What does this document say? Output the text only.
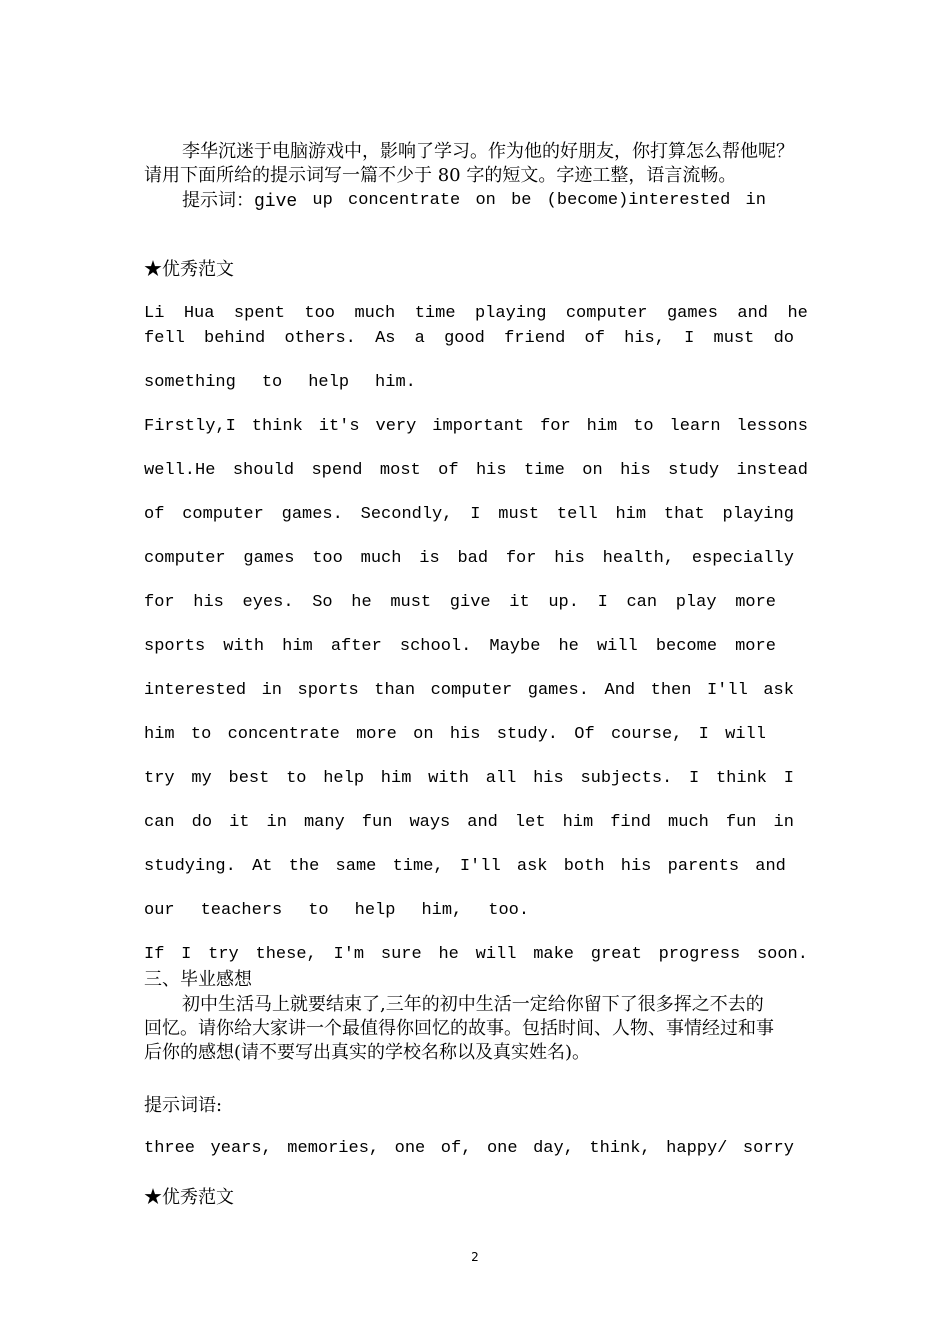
李华沉迷于电脑游戏中，影响了学习。作为他的好朋友，你打算怎么帮他呢？
请用下面所给的提示词写一篇不少于 80 字的短文。字迹工整，语言流畅。
提示词：give up concentrate on be (become)interested in
★优秀范文
Li Hua spent too much time playing computer games and he
fell behind others. As a good friend of his, I must do
something to help him.
Firstly,I think it's very important for him to learn lessons
well.He should spend most of his time on his study instead
of computer games. Secondly, I must tell him that playing
computer games too much is bad for his health, especially
for his eyes. So he must give it up. I can play more
sports with him after school. Maybe he will become more
interested in sports than computer games. And then I'll ask
him to concentrate more on his study. Of course, I will
try my best to help him with all his subjects. I think I
can do it in many fun ways and let him find much fun in
studying. At the same time, I'll ask both his parents and
our teachers to help him, too.
If I try these, I'm sure he will make great progress soon.
三、毕业感想
初中生活马上就要结束了,三年的初中生活一定给你留下了很多挥之不去的
回忆。请你给大家讲一个最值得你回忆的故事。包括时间、人物、事情经过和事
后你的感想(请不要写出真实的学校名称以及真实姓名)。
提示词语:
three years, memories, one of, one day, think, happy/ sorry
★优秀范文
2
